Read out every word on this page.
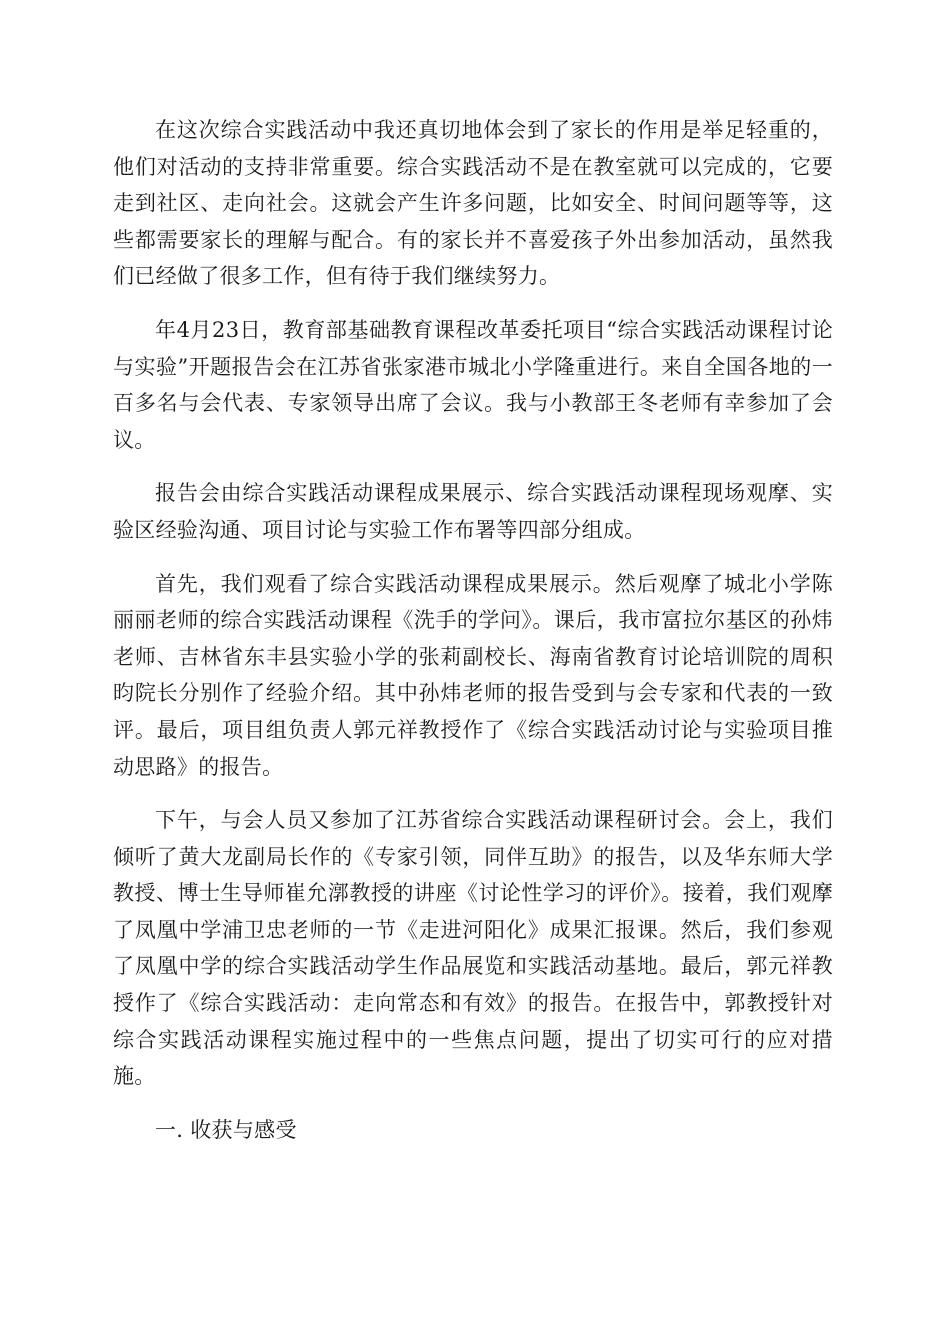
在这次综合实践活动中我还真切地体会到了家长的作用是举足轻重的，他们对活动的支持非常重要。综合实践活动不是在教室就可以完成的，它要走到社区、走向社会。这就会产生许多问题，比如安全、时间问题等等，这些都需要家长的理解与配合。有的家长并不喜爱孩子外出参加活动，虽然我们已经做了很多工作，但有待于我们继续努力。

年4月23日，教育部基础教育课程改革委托项目“综合实践活动课程讨论与实验”开题报告会在江苏省张家港市城北小学隆重进行。来自全国各地的一百多名与会代表、专家领导出席了会议。我与小教部王冬老师有幸参加了会议。

报告会由综合实践活动课程成果展示、综合实践活动课程现场观摩、实验区经验沟通、项目讨论与实验工作布署等四部分组成。

首先，我们观看了综合实践活动课程成果展示。然后观摩了城北小学陈丽丽老师的综合实践活动课程《洗手的学问》。课后，我市富拉尔基区的孙炜老师、吉林省东丰县实验小学的张莉副校长、海南省教育讨论培训院的周积昀院长分别作了经验介绍。其中孙炜老师的报告受到与会专家和代表的一致评。最后，项目组负责人郭元祥教授作了《综合实践活动讨论与实验项目推动思路》的报告。

下午，与会人员又参加了江苏省综合实践活动课程研讨会。会上，我们倾听了黄大龙副局长作的《专家引领，同伴互助》的报告，以及华东师大学教授、博士生导师崔允漷教授的讲座《讨论性学习的评价》。接着，我们观摩了凤凰中学浦卫忠老师的一节《走进河阳化》成果汇报课。然后，我们参观了凤凰中学的综合实践活动学生作品展览和实践活动基地。最后，郭元祥教授作了《综合实践活动：走向常态和有效》的报告。在报告中，郭教授针对综合实践活动课程实施过程中的一些焦点问题，提出了切实可行的应对措施。

一. 收获与感受
